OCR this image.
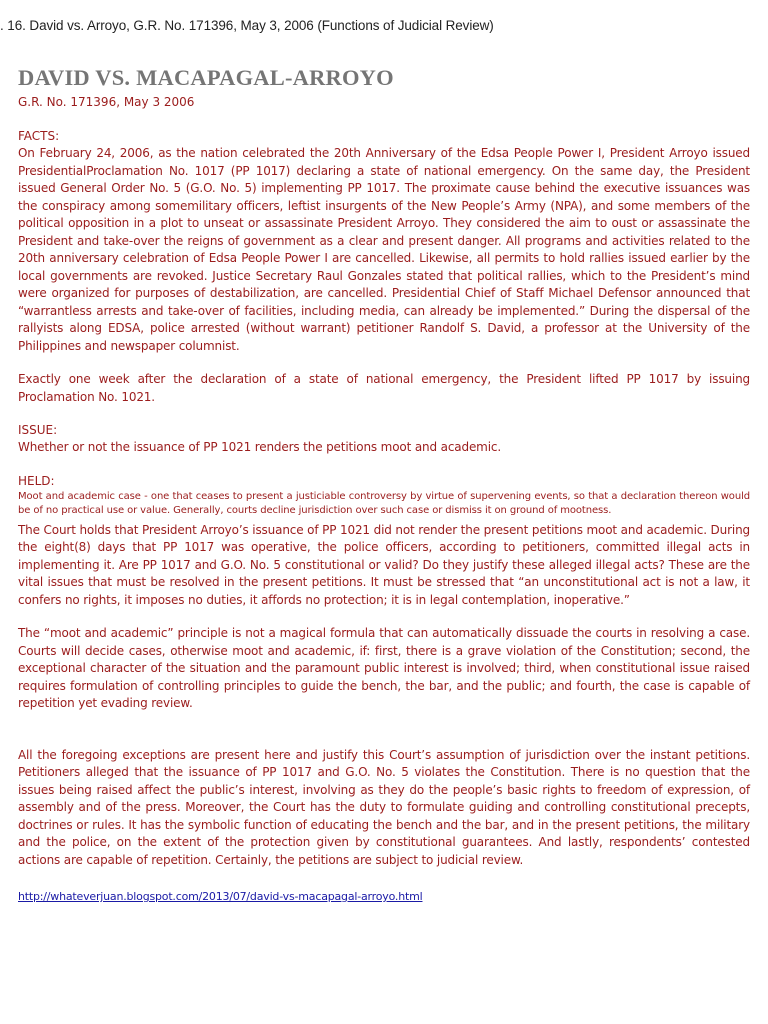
. 16. David vs. Arroyo, G.R. No. 171396, May 3, 2006 (Functions of Judicial Review)
DAVID VS. MACAPAGAL-ARROYO

G.R. No. 171396, May 3 2006

FACTS:

On February 24, 2006, as the nation celebrated the 20th Anniversary of the Edsa People Power I, President Arroyo issued PresidentialProclamation No. 1017 (PP 1017) declaring a state of national emergency. On the same day, the President issued General Order No. 5 (G.O. No. 5) implementing PP 1017. The proximate cause behind the executive issuances was the conspiracy among somemilitary officers, leftist insurgents of the New People’s Army (NPA), and some members of the political opposition in a plot to unseat or assassinate President Arroyo. They considered the aim to oust or assassinate the President and take-over the reigns of government as a clear and present danger. All programs and activities related to the 20th anniversary celebration of Edsa People Power I are cancelled. Likewise, all permits to hold rallies issued earlier by the local governments are revoked. Justice Secretary Raul Gonzales stated that political rallies, which to the President’s mind were organized for purposes of destabilization, are cancelled. Presidential Chief of Staff Michael Defensor announced that “warrantless arrests and take-over of facilities, including media, can already be implemented.” During the dispersal of the rallyists along EDSA, police arrested (without warrant) petitioner Randolf S. David, a professor at the University of the Philippines and newspaper columnist.

Exactly one week after the declaration of a state of national emergency, the President lifted PP 1017 by issuing Proclamation No. 1021.

ISSUE:

Whether or not the issuance of PP 1021 renders the petitions moot and academic.

HELD:

Moot and academic case - one that ceases to present a justiciable controversy by virtue of supervening events, so that a declaration thereon would be of no practical use or value. Generally, courts decline jurisdiction over such case or dismiss it on ground of mootness.

The Court holds that President Arroyo’s issuance of PP 1021 did not render the present petitions moot and academic. During the eight(8) days that PP 1017 was operative, the police officers, according to petitioners, committed illegal acts in implementing it. Are PP 1017 and G.O. No. 5 constitutional or valid? Do they justify these alleged illegal acts? These are the vital issues that must be resolved in the present petitions. It must be stressed that “an unconstitutional act is not a law, it confers no rights, it imposes no duties, it affords no protection; it is in legal contemplation, inoperative.”

The “moot and academic” principle is not a magical formula that can automatically dissuade the courts in resolving a case. Courts will decide cases, otherwise moot and academic, if: first, there is a grave violation of the Constitution; second, the exceptional character of the situation and the paramount public interest is involved; third, when constitutional issue raised requires formulation of controlling principles to guide the bench, the bar, and the public; and fourth, the case is capable of repetition yet evading review.

All the foregoing exceptions are present here and justify this Court’s assumption of jurisdiction over the instant petitions. Petitioners alleged that the issuance of PP 1017 and G.O. No. 5 violates the Constitution. There is no question that the issues being raised affect the public’s interest, involving as they do the people’s basic rights to freedom of expression, of assembly and of the press. Moreover, the Court has the duty to formulate guiding and controlling constitutional precepts, doctrines or rules. It has the symbolic function of educating the bench and the bar, and in the present petitions, the military and the police, on the extent of the protection given by constitutional guarantees. And lastly, respondents’ contested actions are capable of repetition. Certainly, the petitions are subject to judicial review.

http://whateverjuan.blogspot.com/2013/07/david-vs-macapagal-arroyo.html
